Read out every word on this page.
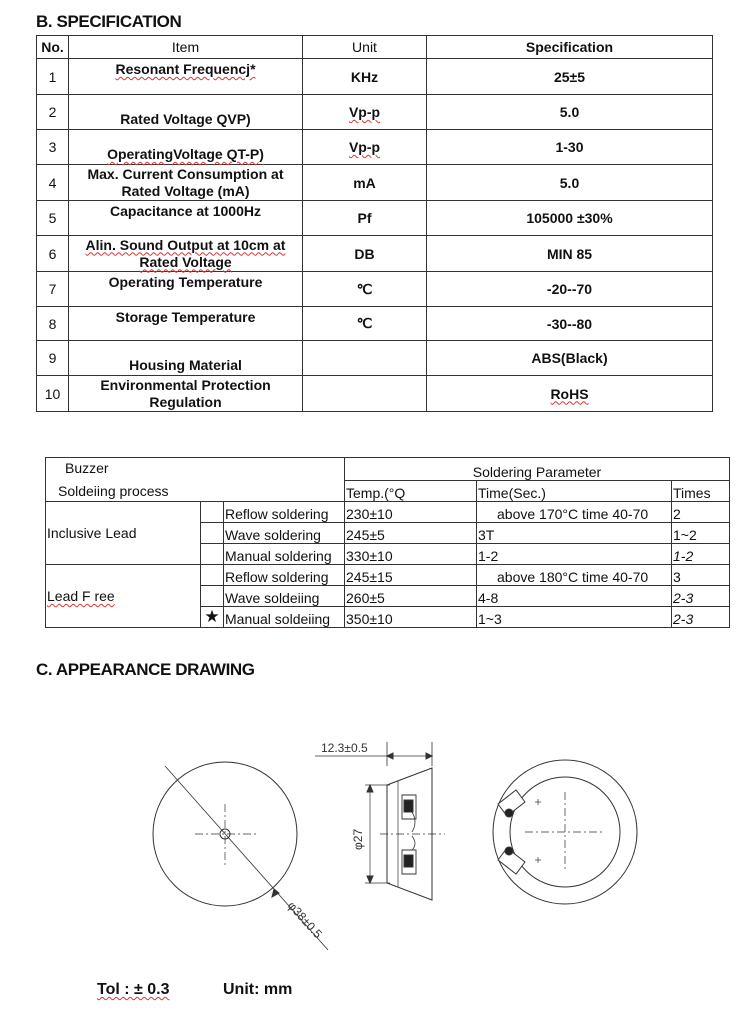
B. SPECIFICATION
No.	Item	Unit	Specification
1	Resonant Frequencj*	KHz	25±5
2	Rated Voltage QVP)	Vp-p	5.0
3	OperatingVoltage QT-P)	Vp-p	1-30
4	Max. Current Consumption at Rated Voltage (mA)	mA	5.0
5	Capacitance at 1000Hz	Pf	105000 ±30%
6	Alin. Sound Output at 10cm at Rated Voltage	DB	MIN 85
7	Operating Temperature	℃	-20--70
8	Storage Temperature	℃	-30--80
9	Housing Material		ABS(Black)
10	Environmental Protection Regulation		RoHS
Buzzer
Soldeiing process			Soldering Parameter		
			Temp.(°Q	Time(Sec.)	Times
Inclusive Lead		Reflow soldering	230±10	above 170°C time 40-70	2
		Wave soldering	245±5	3T	1~2
		Manual soldering	330±10	1-2	1-2
Lead F ree		Reflow soldering	245±15	above 180°C time 40-70	3
		Wave soldeiing	260±5	4-8	2-3
	★	Manual soldeiing	350±10	1~3	2-3
C. APPEARANCE DRAWING
φ38±0.5
12.3±0.5
φ27
Tol : ± 0.3	Unit: mm
